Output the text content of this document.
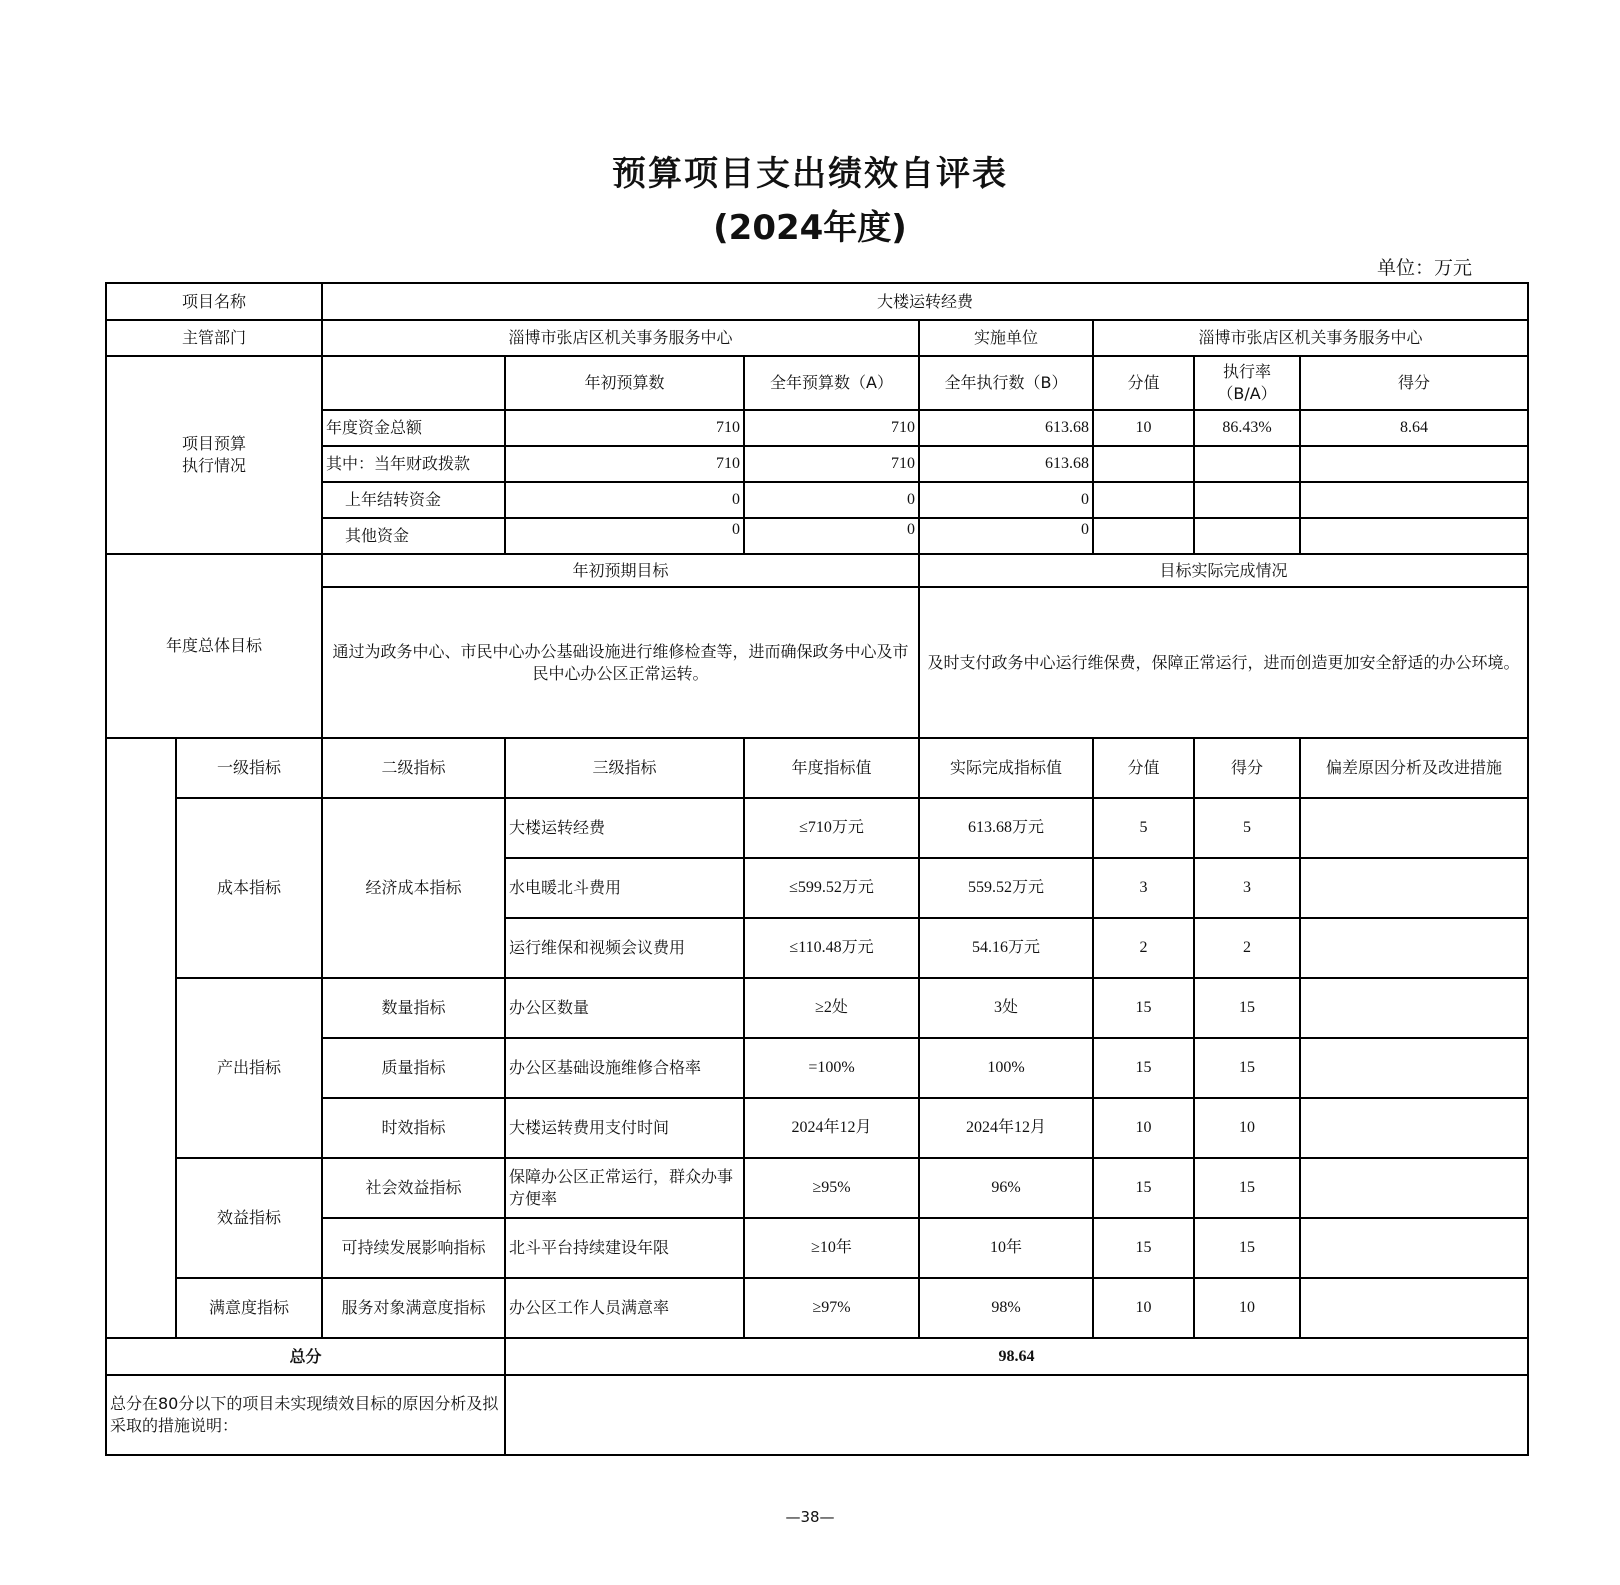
预算项目支出绩效自评表
(2024年度)
单位：万元
项目名称		大楼运转经费						
主管部门		淄博市张店区机关事务服务中心			实施单位	淄博市张店区机关事务服务中心		
项目预算
执行情况			年初预算数	全年预算数（A）	全年执行数（B）	分值	执行率 （B/A）	得分
		年度资金总额	710	710	613.68	10	86.43%	8.64
		其中：当年财政拨款	710	710	613.68			
		上年结转资金	0	0	0			
		其他资金	0	0	0			
年度总体目标		年初预期目标			目标实际完成情况			
		通过为政务中心、市民中心办公基础设施进行维修检查等，进而确保政务中心及市民中心办公区正常运转。			及时支付政务中心运行维保费，保障正常运行，进而创造更加安全舒适的办公环境。			
	一级指标	二级指标	三级指标	年度指标值	实际完成指标值	分值	得分	偏差原因分析及改进措施
	成本指标	经济成本指标	大楼运转经费	≤710万元	613.68万元	5	5	
			水电暖北斗费用	≤599.52万元	559.52万元	3	3	
			运行维保和视频会议费用	≤110.48万元	54.16万元	2	2	
	产出指标	数量指标	办公区数量	≥2处	3处	15	15	
		质量指标	办公区基础设施维修合格率	=100%	100%	15	15	
		时效指标	大楼运转费用支付时间	2024年12月	2024年12月	10	10	
	效益指标	社会效益指标	保障办公区正常运行，群众办事方便率	≥95%	96%	15	15	
		可持续发展影响指标	北斗平台持续建设年限	≥10年	10年	15	15	
	满意度指标	服务对象满意度指标	办公区工作人员满意率	≥97%	98%	10	10	
总分			98.64					
总分在80分以下的项目未实现绩效目标的原因分析及拟采取的措施说明：								
—38—
